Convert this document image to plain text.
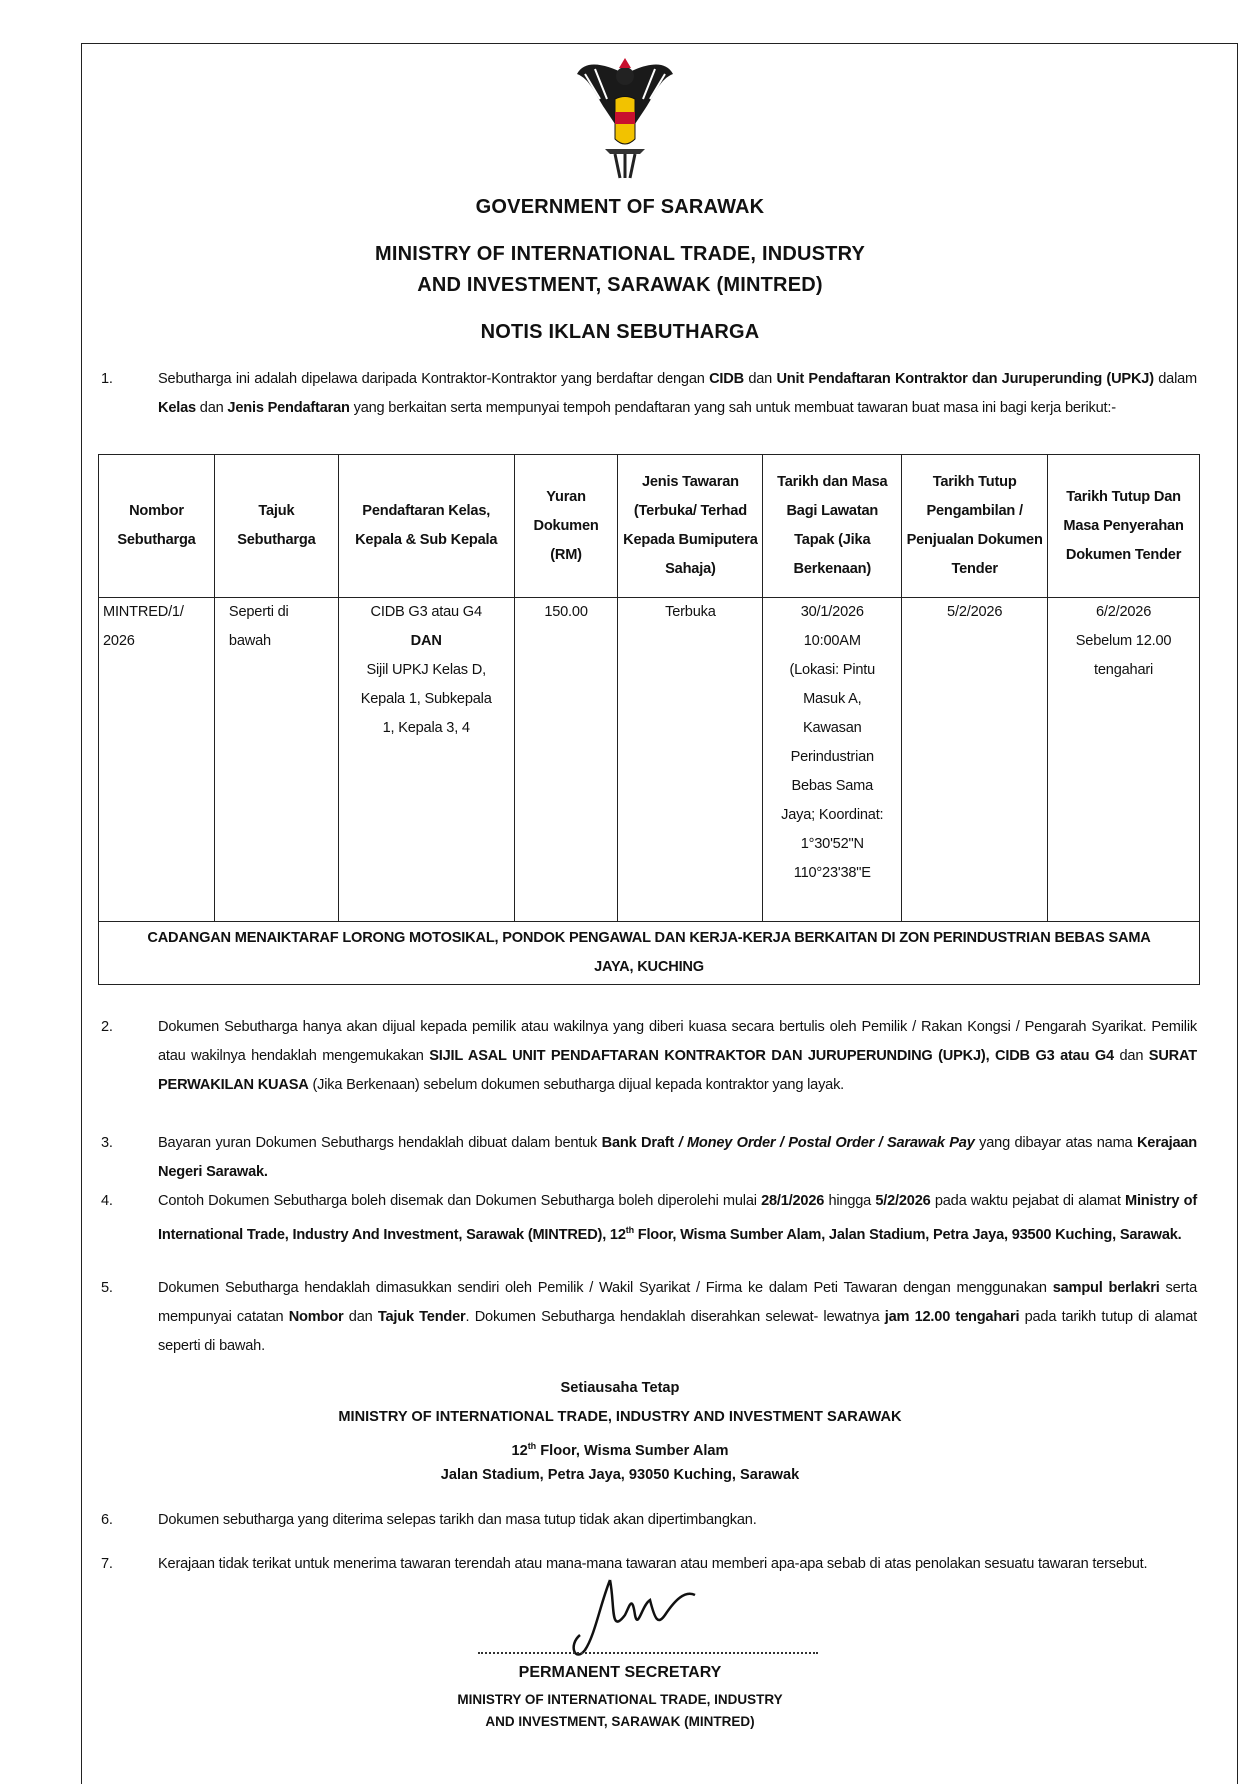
GOVERNMENT OF SARAWAK
MINISTRY OF INTERNATIONAL TRADE, INDUSTRY
AND INVESTMENT, SARAWAK (MINTRED)
NOTIS IKLAN SEBUTHARGA
1.	Sebutharga ini adalah dipelawa daripada Kontraktor-Kontraktor yang berdaftar dengan CIDB dan Unit Pendaftaran Kontraktor dan Juruperunding (UPKJ) dalam Kelas dan Jenis Pendaftaran yang berkaitan serta mempunyai tempoh pendaftaran yang sah untuk membuat tawaran buat masa ini bagi kerja berikut:-
Nombor Sebutharga	Tajuk Sebutharga	Pendaftaran Kelas, Kepala & Sub Kepala	Yuran Dokumen (RM)	Jenis Tawaran (Terbuka/ Terhad Kepada Bumiputera Sahaja)	Tarikh dan Masa Bagi Lawatan Tapak (Jika Berkenaan)	Tarikh Tutup Pengambilan / Penjualan Dokumen Tender	Tarikh Tutup Dan Masa Penyerahan Dokumen Tender
MINTRED/1/ 2026	Seperti di bawah	CIDB G3 atau G4
DAN
Sijil UPKJ Kelas D, Kepala 1, Subkepala 1, Kepala 3, 4	150.00	Terbuka	30/1/2026 10:00AM (Lokasi: Pintu Masuk A, Kawasan Perindustrian Bebas Sama Jaya; Koordinat: 1°30'52"N 110°23'38"E	5/2/2026	6/2/2026 Sebelum 12.00 tengahari
CADANGAN MENAIKTARAF LORONG MOTOSIKAL, PONDOK PENGAWAL DAN KERJA-KERJA BERKAITAN DI ZON PERINDUSTRIAN BEBAS SAMA JAYA, KUCHING							
2.	Dokumen Sebutharga hanya akan dijual kepada pemilik atau wakilnya yang diberi kuasa secara bertulis oleh Pemilik / Rakan Kongsi / Pengarah Syarikat. Pemilik atau wakilnya hendaklah mengemukakan SIJIL ASAL UNIT PENDAFTARAN KONTRAKTOR DAN JURUPERUNDING (UPKJ), CIDB G3 atau G4 dan SURAT PERWAKILAN KUASA (Jika Berkenaan) sebelum dokumen sebutharga dijual kepada kontraktor yang layak.
3.	Bayaran yuran Dokumen Sebuthargs hendaklah dibuat dalam bentuk Bank Draft / Money Order / Postal Order / Sarawak Pay yang dibayar atas nama Kerajaan Negeri Sarawak.
4.	Contoh Dokumen Sebutharga boleh disemak dan Dokumen Sebutharga boleh diperolehi mulai 28/1/2026 hingga 5/2/2026 pada waktu pejabat di alamat Ministry of International Trade, Industry And Investment, Sarawak (MINTRED), 12th Floor, Wisma Sumber Alam, Jalan Stadium, Petra Jaya, 93500 Kuching, Sarawak.
5.	Dokumen Sebutharga hendaklah dimasukkan sendiri oleh Pemilik / Wakil Syarikat / Firma ke dalam Peti Tawaran dengan menggunakan sampul berlakri serta mempunyai catatan Nombor dan Tajuk Tender. Dokumen Sebutharga hendaklah diserahkan selewat- lewatnya jam 12.00 tengahari pada tarikh tutup di alamat seperti di bawah.
Setiausaha Tetap
MINISTRY OF INTERNATIONAL TRADE, INDUSTRY AND INVESTMENT SARAWAK
12th Floor, Wisma Sumber Alam
Jalan Stadium, Petra Jaya, 93050 Kuching, Sarawak
6.	Dokumen sebutharga yang diterima selepas tarikh dan masa tutup tidak akan dipertimbangkan.
7.	Kerajaan tidak terikat untuk menerima tawaran terendah atau mana-mana tawaran atau memberi apa-apa sebab di atas penolakan sesuatu tawaran tersebut.
PERMANENT SECRETARY
MINISTRY OF INTERNATIONAL TRADE, INDUSTRY
AND INVESTMENT, SARAWAK (MINTRED)
